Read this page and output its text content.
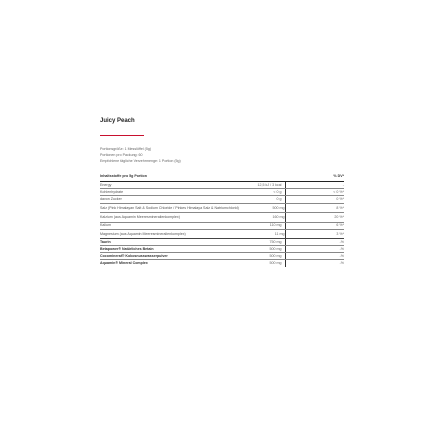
Juicy Peach

Portionsgröße: 1 Messlöffel (5g)
Portionen pro Packung: 60
Empfohlene tägliche Verzehrmenge: 1 Portion (5g)
Inhaltsstoffe pro 5g Portion		% DV*
Energy	12,5 kJ / 3 kcal	-
Kohlenhydrate	< 0 g	< 0 %*
davon Zucker	0 g	0 %*
Salz (Pink Himalayan Salt & Sodium Chloride / Pinkes Himalaya Salz & Natriumchlorid)	500 mg	8 %*
Kalzium (aus Aquamin Meeresmineralienkomplex)	160 mg	20 %*
Kalium	110 mg	6 %*
Magnesium (aus Aquamin Meeresmineralienkomplex)	11 mg	3 %*
Taurin	750 mg	-%
Betapower® Natürliches Betain	500 mg	-%
Cocomineral® Kokosnusswasserpulver	500 mg	-%
Aquamin® Mineral Complex	500 mg	-%
